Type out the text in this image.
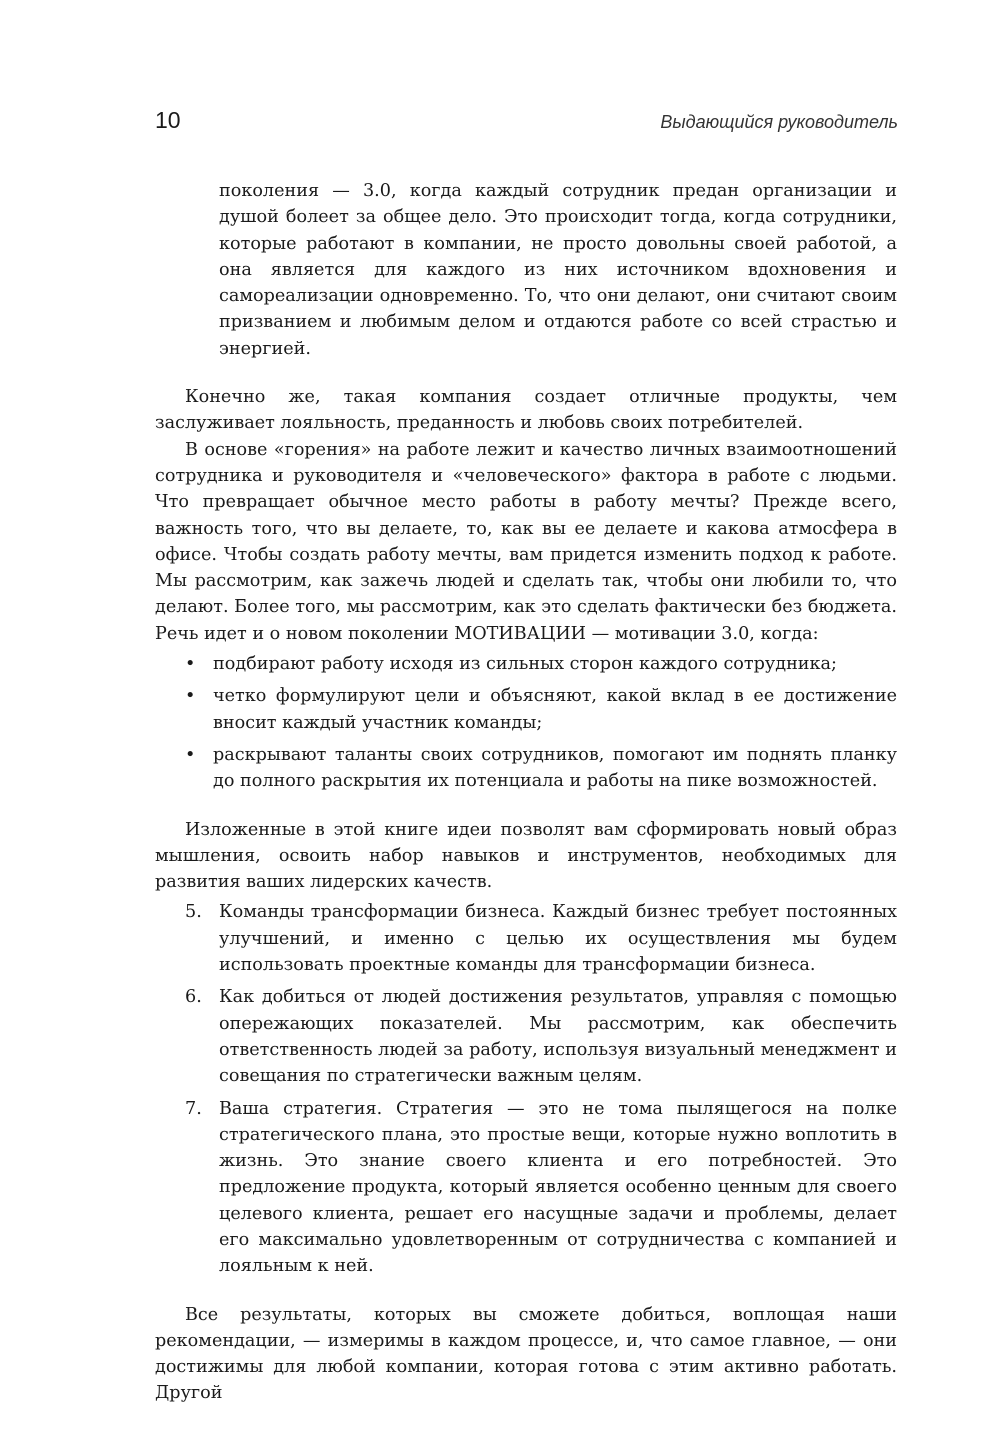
10	Выдающийся руководитель

поколения — 3.0, когда каждый сотрудник предан организации и душой болеет за общее дело. Это происходит тогда, когда сотрудники, которые работают в компании, не просто довольны своей работой, а она является для каждого из них источником вдохновения и самореализации одновременно. То, что они делают, они считают своим призванием и любимым делом и отдаются работе со всей страстью и энергией.

Конечно же, такая компания создает отличные продукты, чем заслуживает лояльность, преданность и любовь своих потребителей.

В основе «горения» на работе лежит и качество личных взаимоотношений сотрудника и руководителя и «человеческого» фактора в работе с людьми. Что превращает обычное место работы в работу мечты? Прежде всего, важность того, что вы делаете, то, как вы ее делаете и какова атмосфера в офисе. Чтобы создать работу мечты, вам придется изменить подход к работе. Мы рассмотрим, как зажечь людей и сделать так, чтобы они любили то, что делают. Более того, мы рассмотрим, как это сделать фактически без бюджета. Речь идет и о новом поколении МОТИВАЦИИ — мотивации 3.0, когда:

• подбирают работу исходя из сильных сторон каждого сотрудника;
• четко формулируют цели и объясняют, какой вклад в ее достижение вносит каждый участник команды;
• раскрывают таланты своих сотрудников, помогают им поднять планку до полного раскрытия их потенциала и работы на пике возможностей.

Изложенные в этой книге идеи позволят вам сформировать новый образ мышления, освоить набор навыков и инструментов, необходимых для развития ваших лидерских качеств.

5. Команды трансформации бизнеса. Каждый бизнес требует постоянных улучшений, и именно с целью их осуществления мы будем использовать проектные команды для трансформации бизнеса.
6. Как добиться от людей достижения результатов, управляя с помощью опережающих показателей. Мы рассмотрим, как обеспечить ответственность людей за работу, используя визуальный менеджмент и совещания по стратегически важным целям.
7. Ваша стратегия. Стратегия — это не тома пылящегося на полке стратегического плана, это простые вещи, которые нужно воплотить в жизнь. Это знание своего клиента и его потребностей. Это предложение продукта, который является особенно ценным для своего целевого клиента, решает его насущные задачи и проблемы, делает его максимально удовлетворенным от сотрудничества с компанией и лояльным к ней.

Все результаты, которых вы сможете добиться, воплощая наши рекомендации, — измеримы в каждом процессе, и, что самое главное, — они достижимы для любой компании, которая готова с этим активно работать. Другой
